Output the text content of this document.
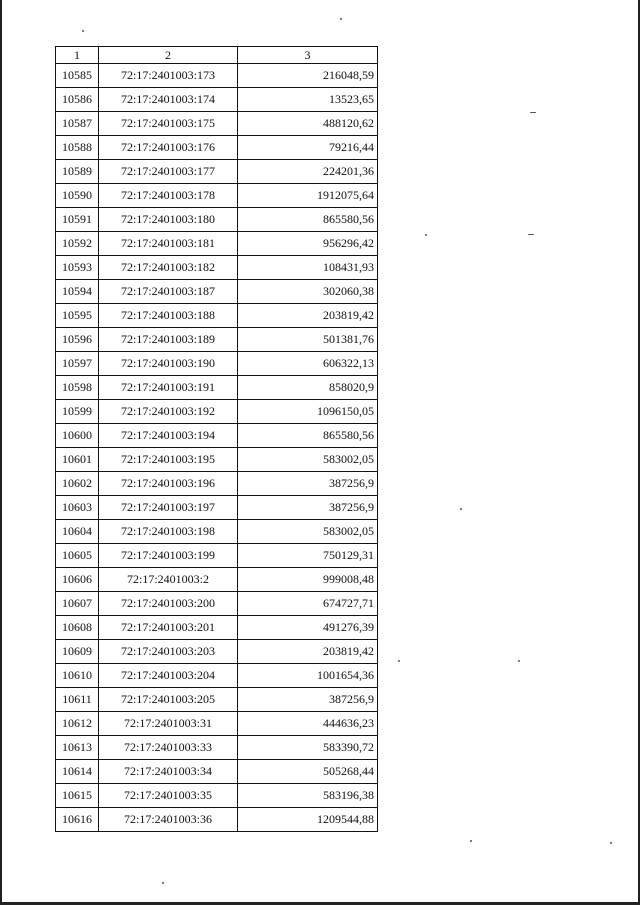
1	2	3
10585	72:17:2401003:173	216048,59
10586	72:17:2401003:174	13523,65
10587	72:17:2401003:175	488120,62
10588	72:17:2401003:176	79216,44
10589	72:17:2401003:177	224201,36
10590	72:17:2401003:178	1912075,64
10591	72:17:2401003:180	865580,56
10592	72:17:2401003:181	956296,42
10593	72:17:2401003:182	108431,93
10594	72:17:2401003:187	302060,38
10595	72:17:2401003:188	203819,42
10596	72:17:2401003:189	501381,76
10597	72:17:2401003:190	606322,13
10598	72:17:2401003:191	858020,9
10599	72:17:2401003:192	1096150,05
10600	72:17:2401003:194	865580,56
10601	72:17:2401003:195	583002,05
10602	72:17:2401003:196	387256,9
10603	72:17:2401003:197	387256,9
10604	72:17:2401003:198	583002,05
10605	72:17:2401003:199	750129,31
10606	72:17:2401003:2	999008,48
10607	72:17:2401003:200	674727,71
10608	72:17:2401003:201	491276,39
10609	72:17:2401003:203	203819,42
10610	72:17:2401003:204	1001654,36
10611	72:17:2401003:205	387256,9
10612	72:17:2401003:31	444636,23
10613	72:17:2401003:33	583390,72
10614	72:17:2401003:34	505268,44
10615	72:17:2401003:35	583196,38
10616	72:17:2401003:36	1209544,88
